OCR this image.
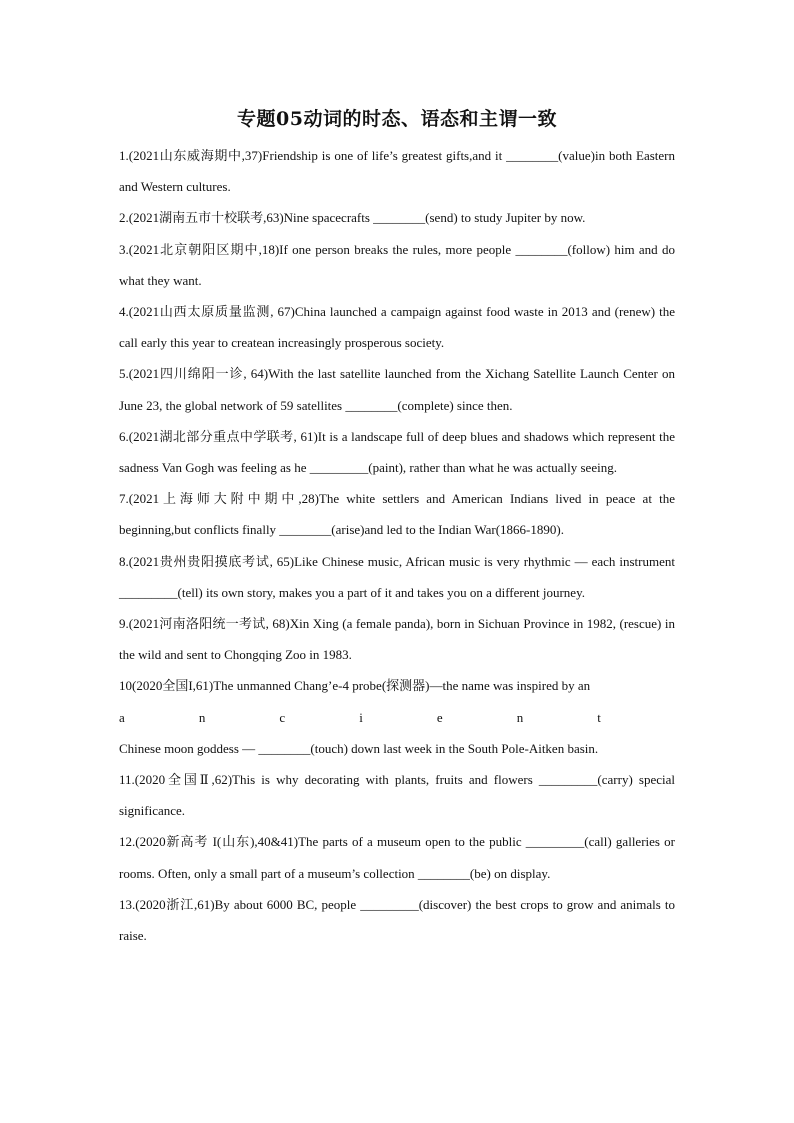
专题05动词的时态、语态和主谓一致
1.(2021山东威海期中,37)Friendship is one of life’s greatest gifts,and it ________(value)in both Eastern and Western cultures.
2.(2021湖南五市十校联考,63)Nine spacecrafts ________(send) to study Jupiter by now.
3.(2021北京朝阳区期中,18)If one person breaks the rules, more people ________(follow) him and do what they want.
4.(2021山西太原质量监测, 67)China launched a campaign against food waste in 2013 and (renew) the call early this year to createan increasingly prosperous society.
5.(2021四川绵阳一诊, 64)With the last satellite launched from the Xichang Satellite Launch Center on June 23, the global network of 59 satellites ________(complete) since then.
6.(2021湖北部分重点中学联考, 61)It is a landscape full of deep blues and shadows which represent the sadness Van Gogh was feeling as he _________(paint), rather than what he was actually seeing.
7.(2021上海师大附中期中,28)The white settlers and American Indians lived in peace at the beginning,but conflicts finally ________(arise)and led to the Indian War(1866-1890).
8.(2021贵州贵阳摸底考试, 65)Like Chinese music, African music is very rhythmic — each instrument _________(tell) its own story, makes you a part of it and takes you on a different journey.
9.(2021河南洛阳统一考试, 68)Xin Xing (a female panda), born in Sichuan Province in 1982, (rescue) in the wild and sent to Chongqing Zoo in 1983.
10(2020全国I,61)The unmanned Chang’e-4 probe(探测器)—the name was inspired by an
a	n	c	i	e	n	t
Chinese moon goddess — ________(touch) down last week in the South Pole-Aitken basin.
11.(2020全国Ⅱ,62)This is why decorating with plants, fruits and flowers _________(carry) special significance.
12.(2020新高考 I(山东),40&41)The parts of a museum open to the public _________(call) galleries or rooms. Often, only a small part of a museum’s collection ________(be) on display.
13.(2020浙江,61)By about 6000 BC, people _________(discover) the best crops to grow and animals to raise.
